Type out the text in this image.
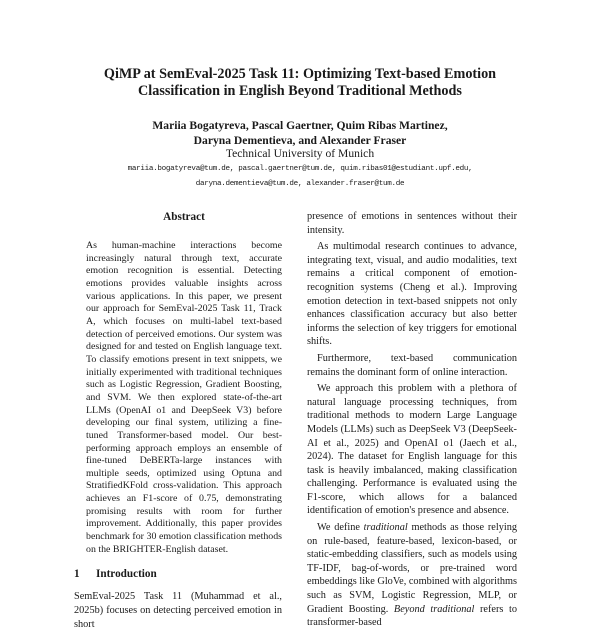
QiMP at SemEval-2025 Task 11: Optimizing Text-based Emotion
Classification in English Beyond Traditional Methods
Mariia Bogatyreva, Pascal Gaertner, Quim Ribas Martinez,
Daryna Dementieva, and Alexander Fraser
Technical University of Munich
mariia.bogatyreva@tum.de, pascal.gaertner@tum.de, quim.ribas01@estudiant.upf.edu,
daryna.dementieva@tum.de, alexander.fraser@tum.de
Abstract

As human-machine interactions become increasingly natural through text, accurate emotion recognition is essential. Detecting emotions provides valuable insights across various applications. In this paper, we present our approach for SemEval-2025 Task 11, Track A, which focuses on multi-label text-based detection of perceived emotions. Our system was designed for and tested on English language text. To classify emotions present in text snippets, we initially experimented with traditional techniques such as Logistic Regression, Gradient Boosting, and SVM. We then explored state-of-the-art LLMs (OpenAI o1 and DeepSeek V3) before developing our final system, utilizing a fine-tuned Transformer-based model. Our best-performing approach employs an ensemble of fine-tuned DeBERTa-large instances with multiple seeds, optimized using Optuna and StratifiedKFold cross-validation. This approach achieves an F1-score of 0.75, demonstrating promising results with room for further improvement. Additionally, this paper provides benchmark for 30 emotion classification methods on the BRIGHTER-English dataset.

1 Introduction

SemEval-2025 Task 11 (Muhammad et al., 2025b) focuses on detecting perceived emotion in short

presence of emotions in sentences without their intensity.

As multimodal research continues to advance, integrating text, visual, and audio modalities, text remains a critical component of emotion-recognition systems (Cheng et al.). Improving emotion detection in text-based snippets not only enhances classification accuracy but also better informs the selection of key triggers for emotional shifts.

Furthermore, text-based communication remains the dominant form of online interaction.

We approach this problem with a plethora of natural language processing techniques, from traditional methods to modern Large Language Models (LLMs) such as DeepSeek V3 (DeepSeek-AI et al., 2025) and OpenAI o1 (Jaech et al., 2024). The dataset for English language for this task is heavily imbalanced, making classification challenging. Performance is evaluated using the F1-score, which allows for a balanced identification of emotion's presence and absence.

We define traditional methods as those relying on rule-based, feature-based, lexicon-based, or static-embedding classifiers, such as models using TF-IDF, bag-of-words, or pre-trained word embeddings like GloVe, combined with algorithms such as SVM, Logistic Regression, MLP, or Gradient Boosting. Beyond traditional refers to transformer-based
